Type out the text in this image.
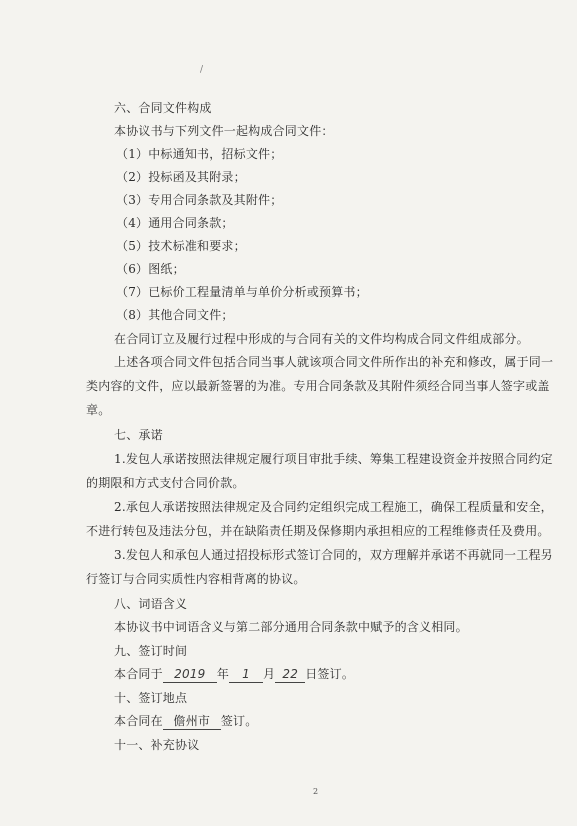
/
六、合同文件构成
本协议书与下列文件一起构成合同文件：
（1）中标通知书，招标文件；
（2）投标函及其附录；
（3）专用合同条款及其附件；
（4）通用合同条款；
（5）技术标准和要求；
（6）图纸；
（7）已标价工程量清单与单价分析或预算书；
（8）其他合同文件；
在合同订立及履行过程中形成的与合同有关的文件均构成合同文件组成部分。
上述各项合同文件包括合同当事人就该项合同文件所作出的补充和修改，属于同一
类内容的文件，应以最新签署的为准。专用合同条款及其附件须经合同当事人签字或盖
章。
七、承诺
1.发包人承诺按照法律规定履行项目审批手续、筹集工程建设资金并按照合同约定
的期限和方式支付合同价款。
2.承包人承诺按照法律规定及合同约定组织完成工程施工，确保工程质量和安全，
不进行转包及违法分包，并在缺陷责任期及保修期内承担相应的工程维修责任及费用。
3.发包人和承包人通过招投标形式签订合同的，双方理解并承诺不再就同一工程另
行签订与合同实质性内容相背离的协议。
八、词语含义
本协议书中词语含义与第二部分通用合同条款中赋予的含义相同。
九、签订时间
本合同于 2019 年 1 月 22 日签订。
十、签订地点
本合同在 儋州市 签订。
十一、补充协议
2
